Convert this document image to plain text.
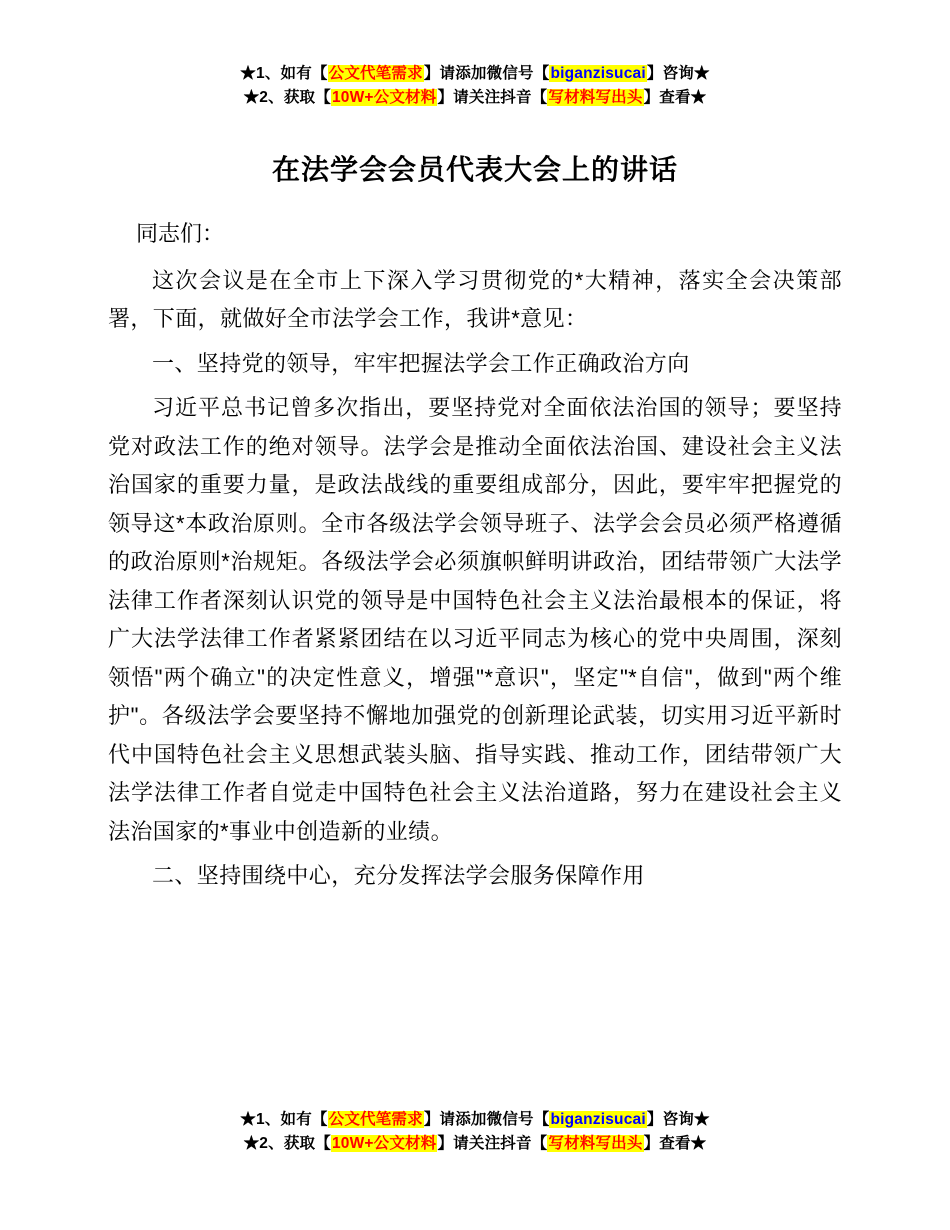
★1、如有【公文代笔需求】请添加微信号【biganzisucai】咨询★
★2、获取【10W+公文材料】请关注抖音【写材料写出头】查看★
在法学会会员代表大会上的讲话

同志们：

这次会议是在全市上下深入学习贯彻党的*大精神，落实全会决策部署，下面，就做好全市法学会工作，我讲*意见：

一、坚持党的领导，牢牢把握法学会工作正确政治方向

习近平总书记曾多次指出，要坚持党对全面依法治国的领导；要坚持党对政法工作的绝对领导。法学会是推动全面依法治国、建设社会主义法治国家的重要力量，是政法战线的重要组成部分，因此，要牢牢把握党的领导这*本政治原则。全市各级法学会领导班子、法学会会员必须严格遵循的政治原则*治规矩。各级法学会必须旗帜鲜明讲政治，团结带领广大法学法律工作者深刻认识党的领导是中国特色社会主义法治最根本的保证，将广大法学法律工作者紧紧团结在以习近平同志为核心的党中央周围，深刻领悟"两个确立"的决定性意义，增强"*意识"，坚定"*自信"，做到"两个维护"。各级法学会要坚持不懈地加强党的创新理论武装，切实用习近平新时代中国特色社会主义思想武装头脑、指导实践、推动工作，团结带领广大法学法律工作者自觉走中国特色社会主义法治道路，努力在建设社会主义法治国家的*事业中创造新的业绩。

二、坚持围绕中心，充分发挥法学会服务保障作用

★1、如有【公文代笔需求】请添加微信号【biganzisucai】咨询★
★2、获取【10W+公文材料】请关注抖音【写材料写出头】查看★
